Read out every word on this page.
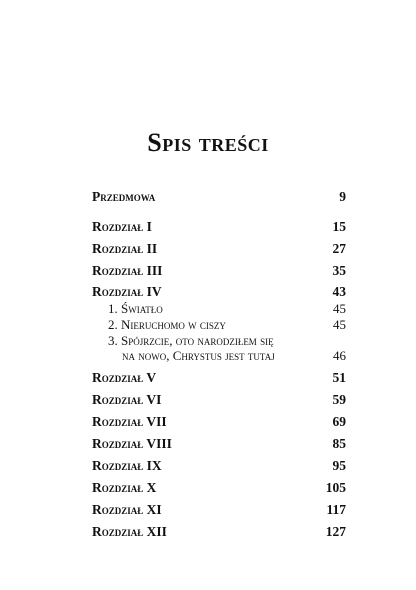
Spis treści
Przedmowa	9
Rozdział I	15
Rozdział II	27
Rozdział III	35
Rozdział IV	43
1. Światło	45
2. Nieruchomo w ciszy	45
3. Spójrzcie, oto narodziłem się
na nowo, Chrystus jest tutaj	46
Rozdział V	51
Rozdział VI	59
Rozdział VII	69
Rozdział VIII	85
Rozdział IX	95
Rozdział X	105
Rozdział XI	117
Rozdział XII	127
